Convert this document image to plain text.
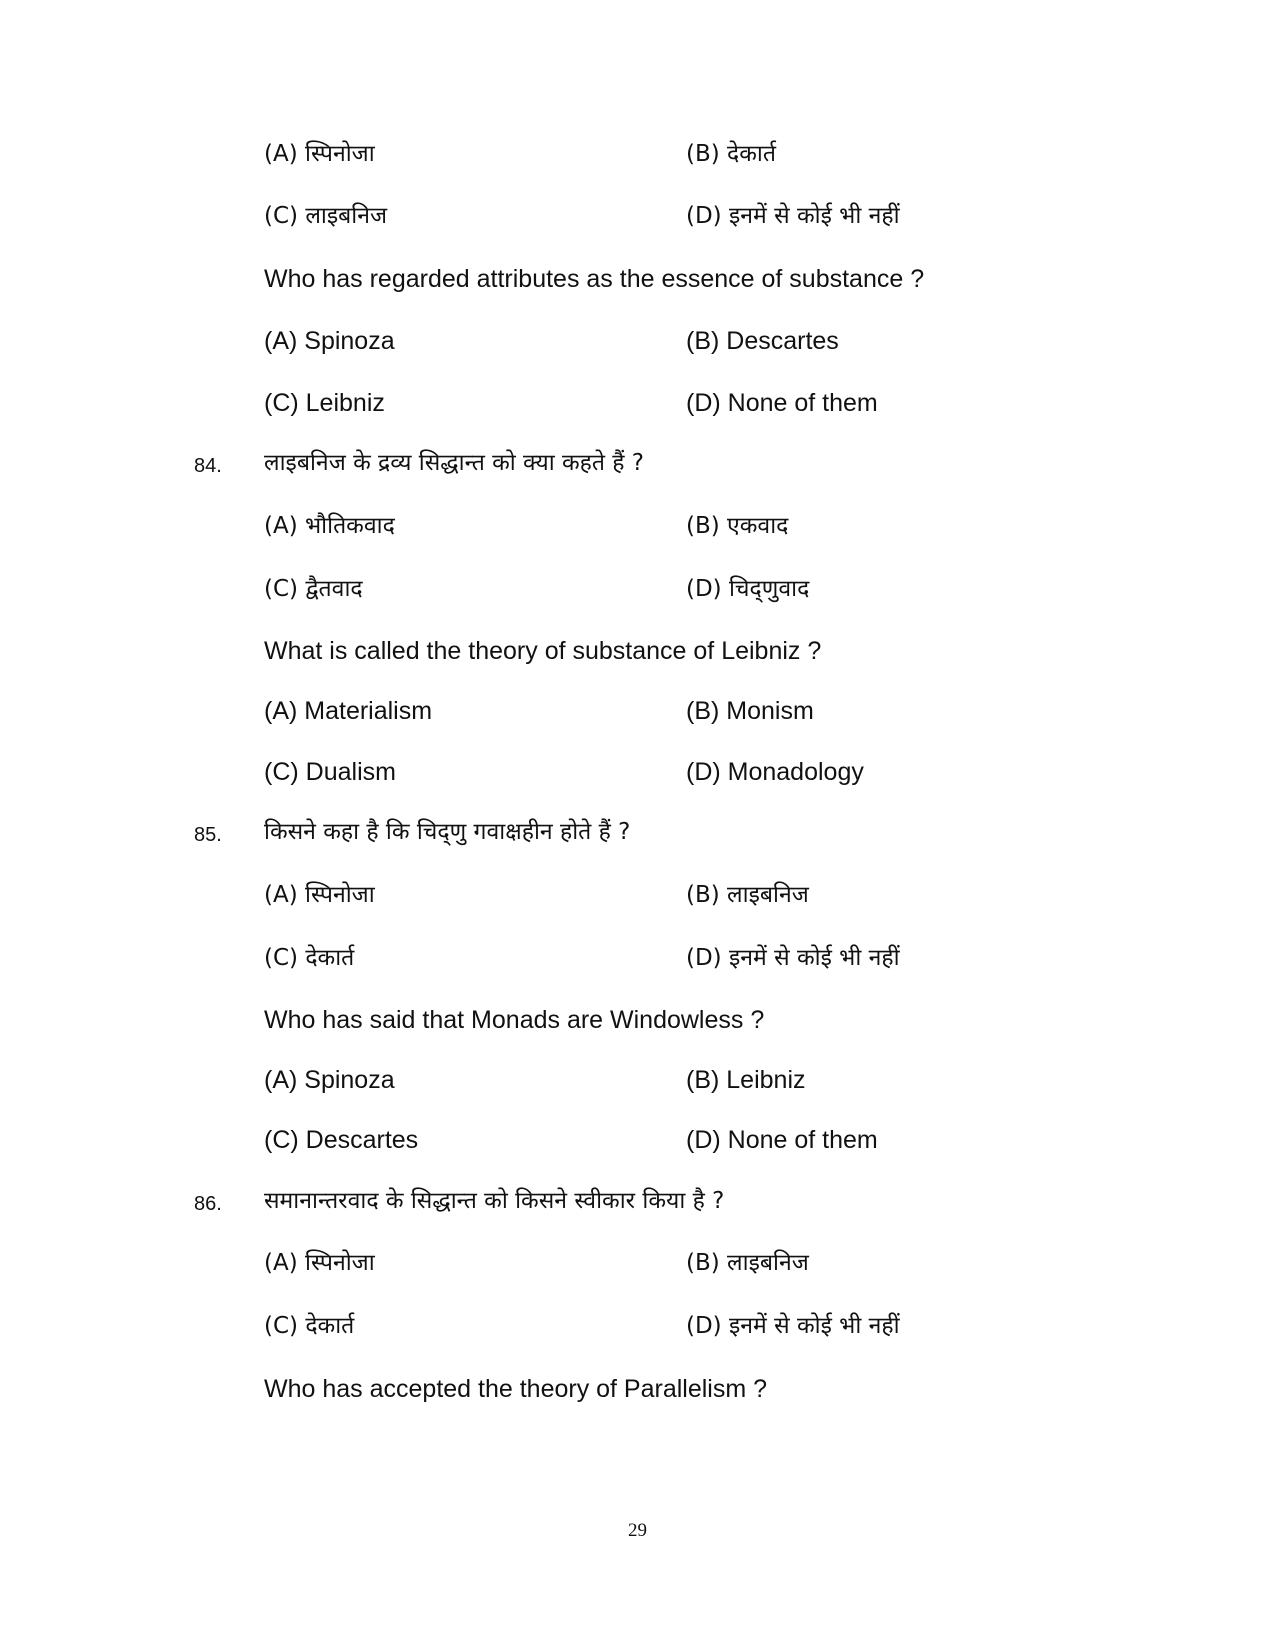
(A) स्पिनोजा	(B) देकार्त
(C) लाइबनिज	(D) इनमें से कोई भी नहीं
Who has regarded attributes as the essence of substance ?
(A) Spinoza	(B) Descartes
(C) Leibniz	(D) None of them
84. लाइबनिज के द्रव्य सिद्धान्त को क्या कहते हैं ?
(A) भौतिकवाद	(B) एकवाद
(C) द्वैतवाद	(D) चिद्णुवाद
What is called the theory of substance of Leibniz ?
(A) Materialism	(B) Monism
(C) Dualism	(D) Monadology
85. किसने कहा है कि चिद्णु गवाक्षहीन होते हैं ?
(A) स्पिनोजा	(B) लाइबनिज
(C) देकार्त	(D) इनमें से कोई भी नहीं
Who has said that Monads are Windowless ?
(A) Spinoza	(B) Leibniz
(C) Descartes	(D) None of them
86. समानान्तरवाद के सिद्धान्त को किसने स्वीकार किया है ?
(A) स्पिनोजा	(B) लाइबनिज
(C) देकार्त	(D) इनमें से कोई भी नहीं
Who has accepted the theory of Parallelism ?
29
